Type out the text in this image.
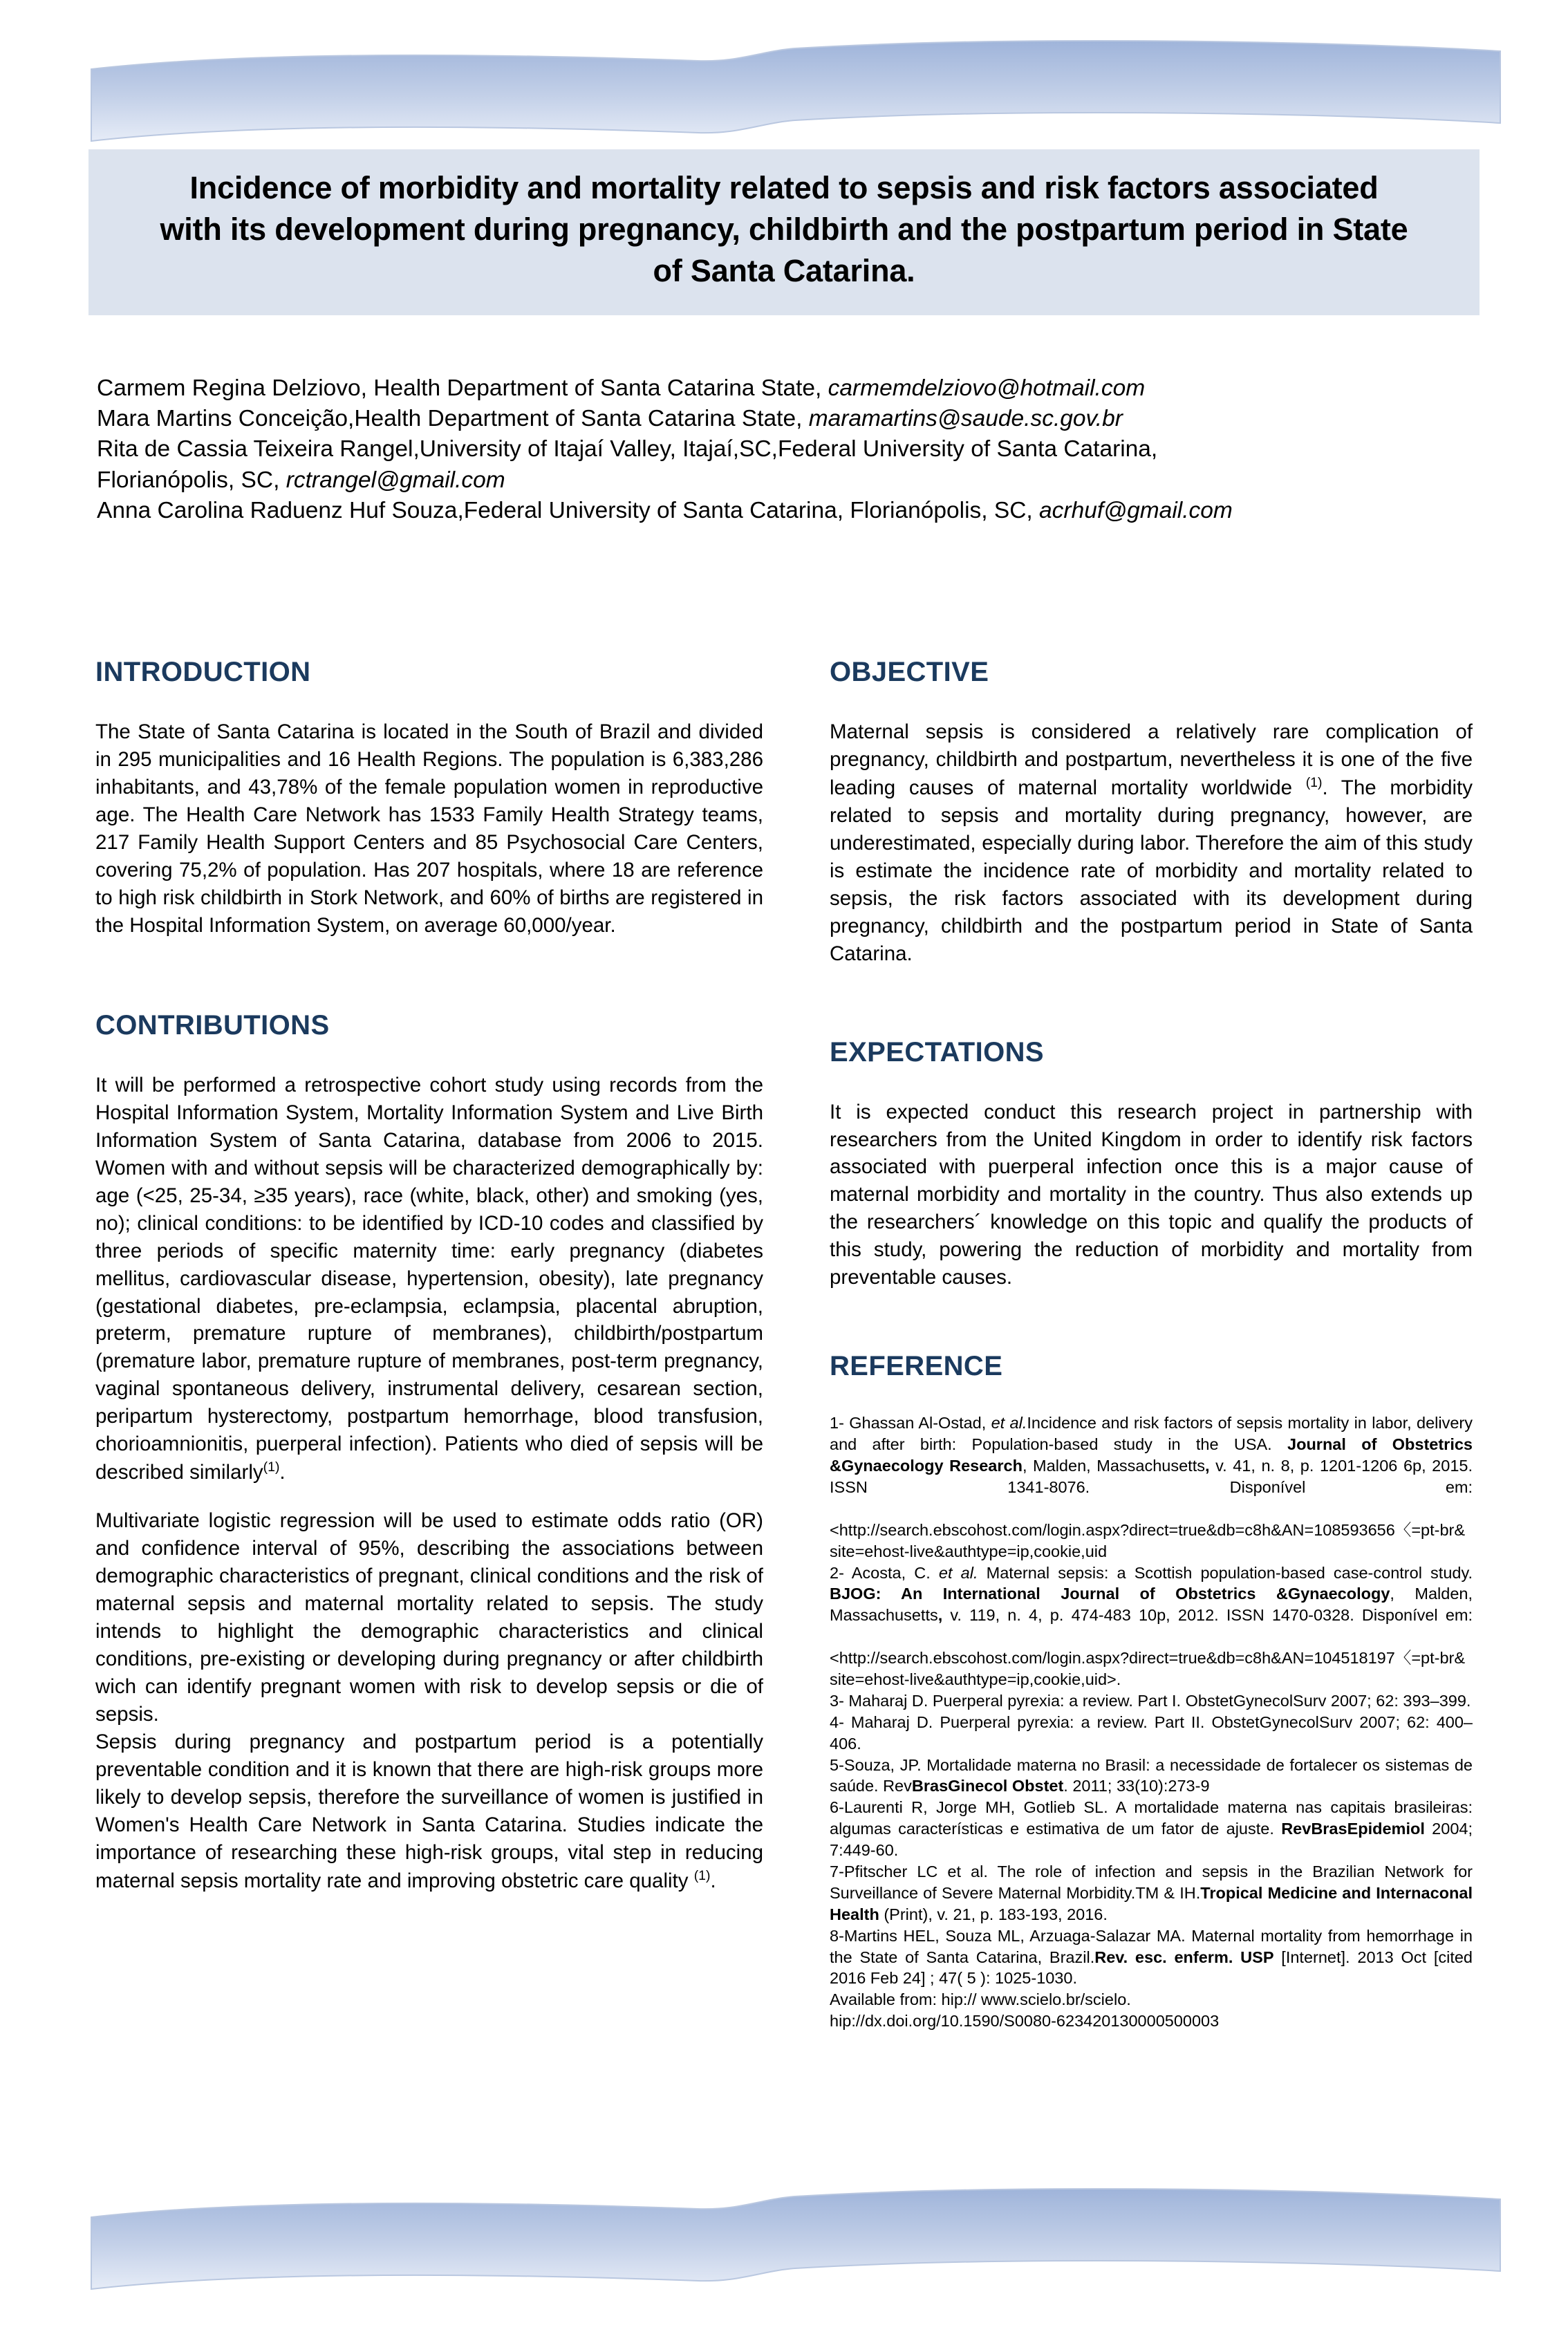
Incidence of morbidity and mortality related to sepsis and risk factors associated with its development during pregnancy, childbirth and the postpartum period in State of Santa Catarina.
Carmem Regina Delziovo, Health Department of Santa Catarina State, carmemdelziovo@hotmail.com
Mara Martins Conceição,Health Department of Santa Catarina State, maramartins@saude.sc.gov.br
Rita de Cassia Teixeira Rangel,University of Itajaí Valley, Itajaí,SC,Federal University of Santa Catarina,
Florianópolis, SC, rctrangel@gmail.com
Anna Carolina Raduenz Huf Souza,Federal University of Santa Catarina, Florianópolis, SC, acrhuf@gmail.com
INTRODUCTION

The State of Santa Catarina is located in the South of Brazil and divided in 295 municipalities and 16 Health Regions. The population is 6,383,286 inhabitants, and 43,78% of the female population women in reproductive age. The Health Care Network has 1533 Family Health Strategy teams, 217 Family Health Support Centers and 85 Psychosocial Care Centers, covering 75,2% of population. Has 207 hospitals, where 18 are reference to high risk childbirth in Stork Network, and 60% of births are registered in the Hospital Information System, on average 60,000/year.

CONTRIBUTIONS

It will be performed a retrospective cohort study using records from the Hospital Information System, Mortality Information System and Live Birth Information System of Santa Catarina, database from 2006 to 2015. Women with and without sepsis will be characterized demographically by: age (<25, 25-34, ≥35 years), race (white, black, other) and smoking (yes, no); clinical conditions: to be identified by ICD-10 codes and classified by three periods of specific maternity time: early pregnancy (diabetes mellitus, cardiovascular disease, hypertension, obesity), late pregnancy (gestational diabetes, pre-eclampsia, eclampsia, placental abruption, preterm, premature rupture of membranes), childbirth/postpartum (premature labor, premature rupture of membranes, post-term pregnancy, vaginal spontaneous delivery, instrumental delivery, cesarean section, peripartum hysterectomy, postpartum hemorrhage, blood transfusion, chorioamnionitis, puerperal infection). Patients who died of sepsis will be described similarly$^{(1)}$.

Multivariate logistic regression will be used to estimate odds ratio (OR) and confidence interval of 95%, describing the associations between demographic characteristics of pregnant, clinical conditions and the risk of maternal sepsis and maternal mortality related to sepsis. The study intends to highlight the demographic characteristics and clinical conditions, pre-existing or developing during pregnancy or after childbirth wich can identify pregnant women with risk to develop sepsis or die of sepsis.

Sepsis during pregnancy and postpartum period is a potentially preventable condition and it is known that there are high-risk groups more likely to develop sepsis, therefore the surveillance of women is justified in Women's Health Care Network in Santa Catarina. Studies indicate the importance of researching these high-risk groups, vital step in reducing maternal sepsis mortality rate and improving obstetric care quality $^{(1)}$.

OBJECTIVE

Maternal sepsis is considered a relatively rare complication of pregnancy, childbirth and postpartum, nevertheless it is one of the five leading causes of maternal mortality worldwide $^{(1)}$. The morbidity related to sepsis and mortality during pregnancy, however, are underestimated, especially during labor. Therefore the aim of this study is estimate the incidence rate of morbidity and mortality related to sepsis, the risk factors associated with its development during pregnancy, childbirth and the postpartum period in State of Santa Catarina.

EXPECTATIONS

It is expected conduct this research project in partnership with researchers from the United Kingdom in order to identify risk factors associated with puerperal infection once this is a major cause of maternal morbidity and mortality in the country. Thus also extends up the researchers´ knowledge on this topic and qualify the products of this study, powering the reduction of morbidity and mortality from preventable causes.

REFERENCE
1- Ghassan Al-Ostad, et al.Incidence and risk factors of sepsis mortality in labor, delivery and after birth: Population-based study in the USA. Journal of Obstetrics &Gynaecology Research, Malden, Massachusetts, v. 41, n. 8, p. 1201-1206 6p, 2015. ISSN 1341-8076. Disponível em:
<http://search.ebscohost.com/login.aspx?direct=true&db=c8h&AN=108593656〈=pt-br&site=ehost-live&authtype=ip,cookie,uid
2- Acosta, C. et al. Maternal sepsis: a Scottish population-based case-control study. BJOG: An International Journal of Obstetrics &Gynaecology, Malden, Massachusetts, v. 119, n. 4, p. 474-483 10p, 2012. ISSN 1470-0328. Disponível em:
<http://search.ebscohost.com/login.aspx?direct=true&db=c8h&AN=104518197〈=pt-br&site=ehost-live&authtype=ip,cookie,uid>.
3- Maharaj D. Puerperal pyrexia: a review. Part I. ObstetGynecolSurv 2007; 62: 393–399.
4- Maharaj D. Puerperal pyrexia: a review. Part II. ObstetGynecolSurv 2007; 62: 400–406.
5-Souza, JP. Mortalidade materna no Brasil: a necessidade de fortalecer os sistemas de saúde. RevBrasGinecol Obstet. 2011; 33(10):273-9
6-Laurenti R, Jorge MH, Gotlieb SL. A mortalidade materna nas capitais brasileiras: algumas características e estimativa de um fator de ajuste. RevBrasEpidemiol 2004; 7:449-60.
7-Pfitscher LC et al. The role of infection and sepsis in the Brazilian Network for Surveillance of Severe Maternal Morbidity.TM & IH.Tropical Medicine and Internaconal Health (Print), v. 21, p. 183-193, 2016.
8-Martins HEL, Souza ML, Arzuaga-Salazar MA. Maternal mortality from hemorrhage in the State of Santa Catarina, Brazil.Rev. esc. enferm. USP [Internet]. 2013 Oct [cited 2016 Feb 24] ; 47( 5 ): 1025-1030.
Available from: hip:// www.scielo.br/scielo.
hip://dx.doi.org/10.1590/S0080-623420130000500003
